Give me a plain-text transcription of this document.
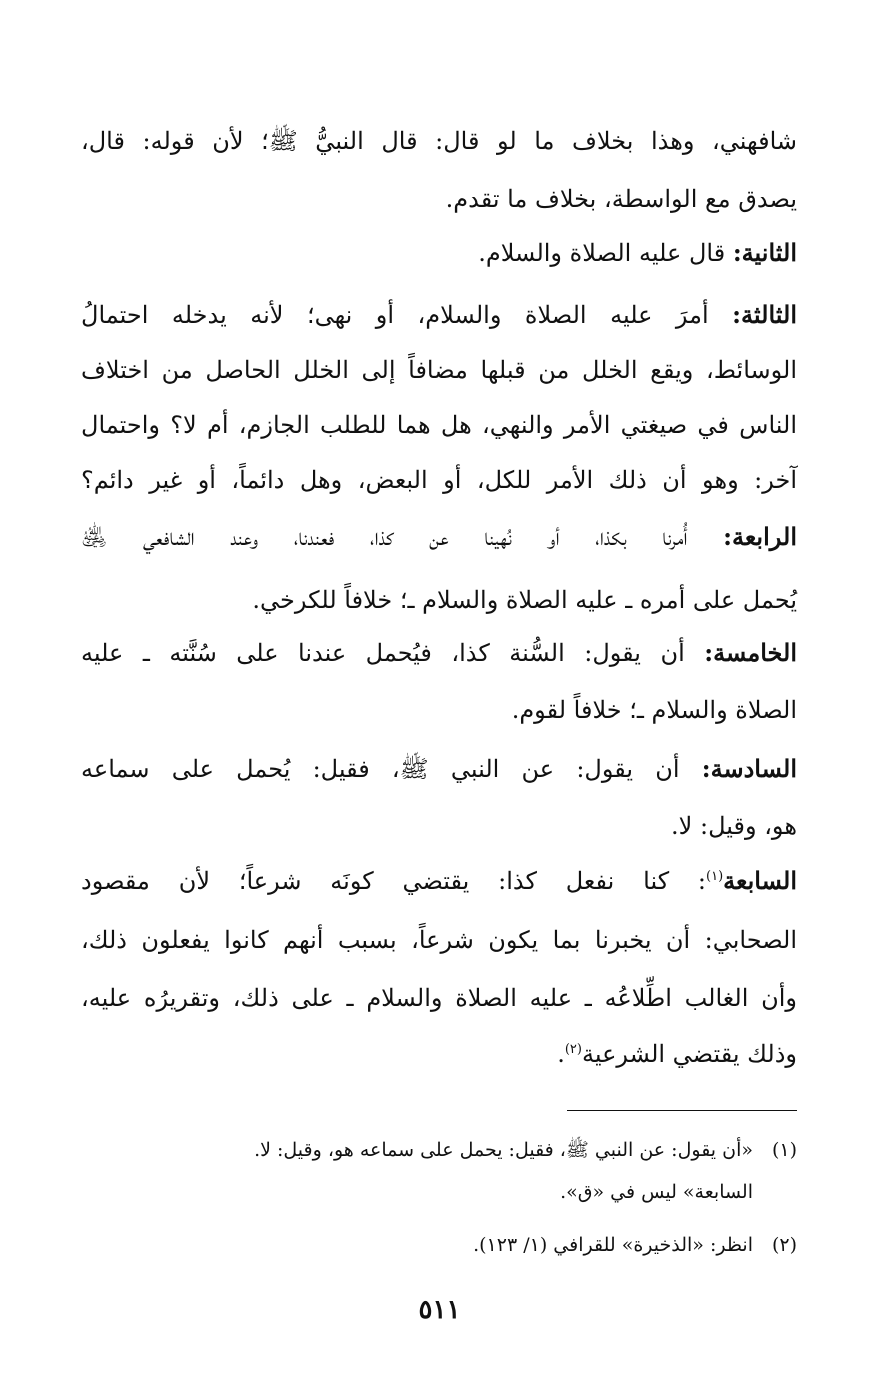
شافهني، وهذا بخلاف ما لو قال: قال النبيُّ ﷺ؛ لأن قوله: قال،
يصدق مع الواسطة، بخلاف ما تقدم.
الثانية: قال عليه الصلاة والسلام.
الثالثة: أمرَ عليه الصلاة والسلام، أو نهى؛ لأنه يدخله احتمالُ
الوسائط، ويقع الخلل من قبلها مضافاً إلى الخلل الحاصل من اختلاف
الناس في صيغتي الأمر والنهي، هل هما للطلب الجازم، أم لا؟ واحتمال
آخر: وهو أن ذلك الأمر للكل، أو البعض، وهل دائماً، أو غير دائم؟
الرابعة: أُمرنا بكذا، أو نُهينا عن كذا، فعندنا، وعند الشافعي ﵁
يُحمل على أمره ـ عليه الصلاة والسلام ـ؛ خلافاً للكرخي.
الخامسة: أن يقول: السُّنة كذا، فيُحمل عندنا على سُنَّته ـ عليه
الصلاة والسلام ـ؛ خلافاً لقوم.
السادسة: أن يقول: عن النبي ﷺ، فقيل: يُحمل على سماعه
هو، وقيل: لا.
السابعة$^{(١)}$: كنا نفعل كذا: يقتضي كونَه شرعاً؛ لأن مقصود
الصحابي: أن يخبرنا بما يكون شرعاً، بسبب أنهم كانوا يفعلون ذلك،
وأن الغالب اطِّلاعُه ـ عليه الصلاة والسلام ـ على ذلك، وتقريرُه عليه،
وذلك يقتضي الشرعية$^{(٢)}$.
(١)«أن يقول: عن النبي ﷺ، فقيل: يحمل على سماعه هو، وقيل: لا.
السابعة» ليس في «ق».
(٢)انظر: «الذخيرة» للقرافي (١/ ١٢٣).
٥١١
